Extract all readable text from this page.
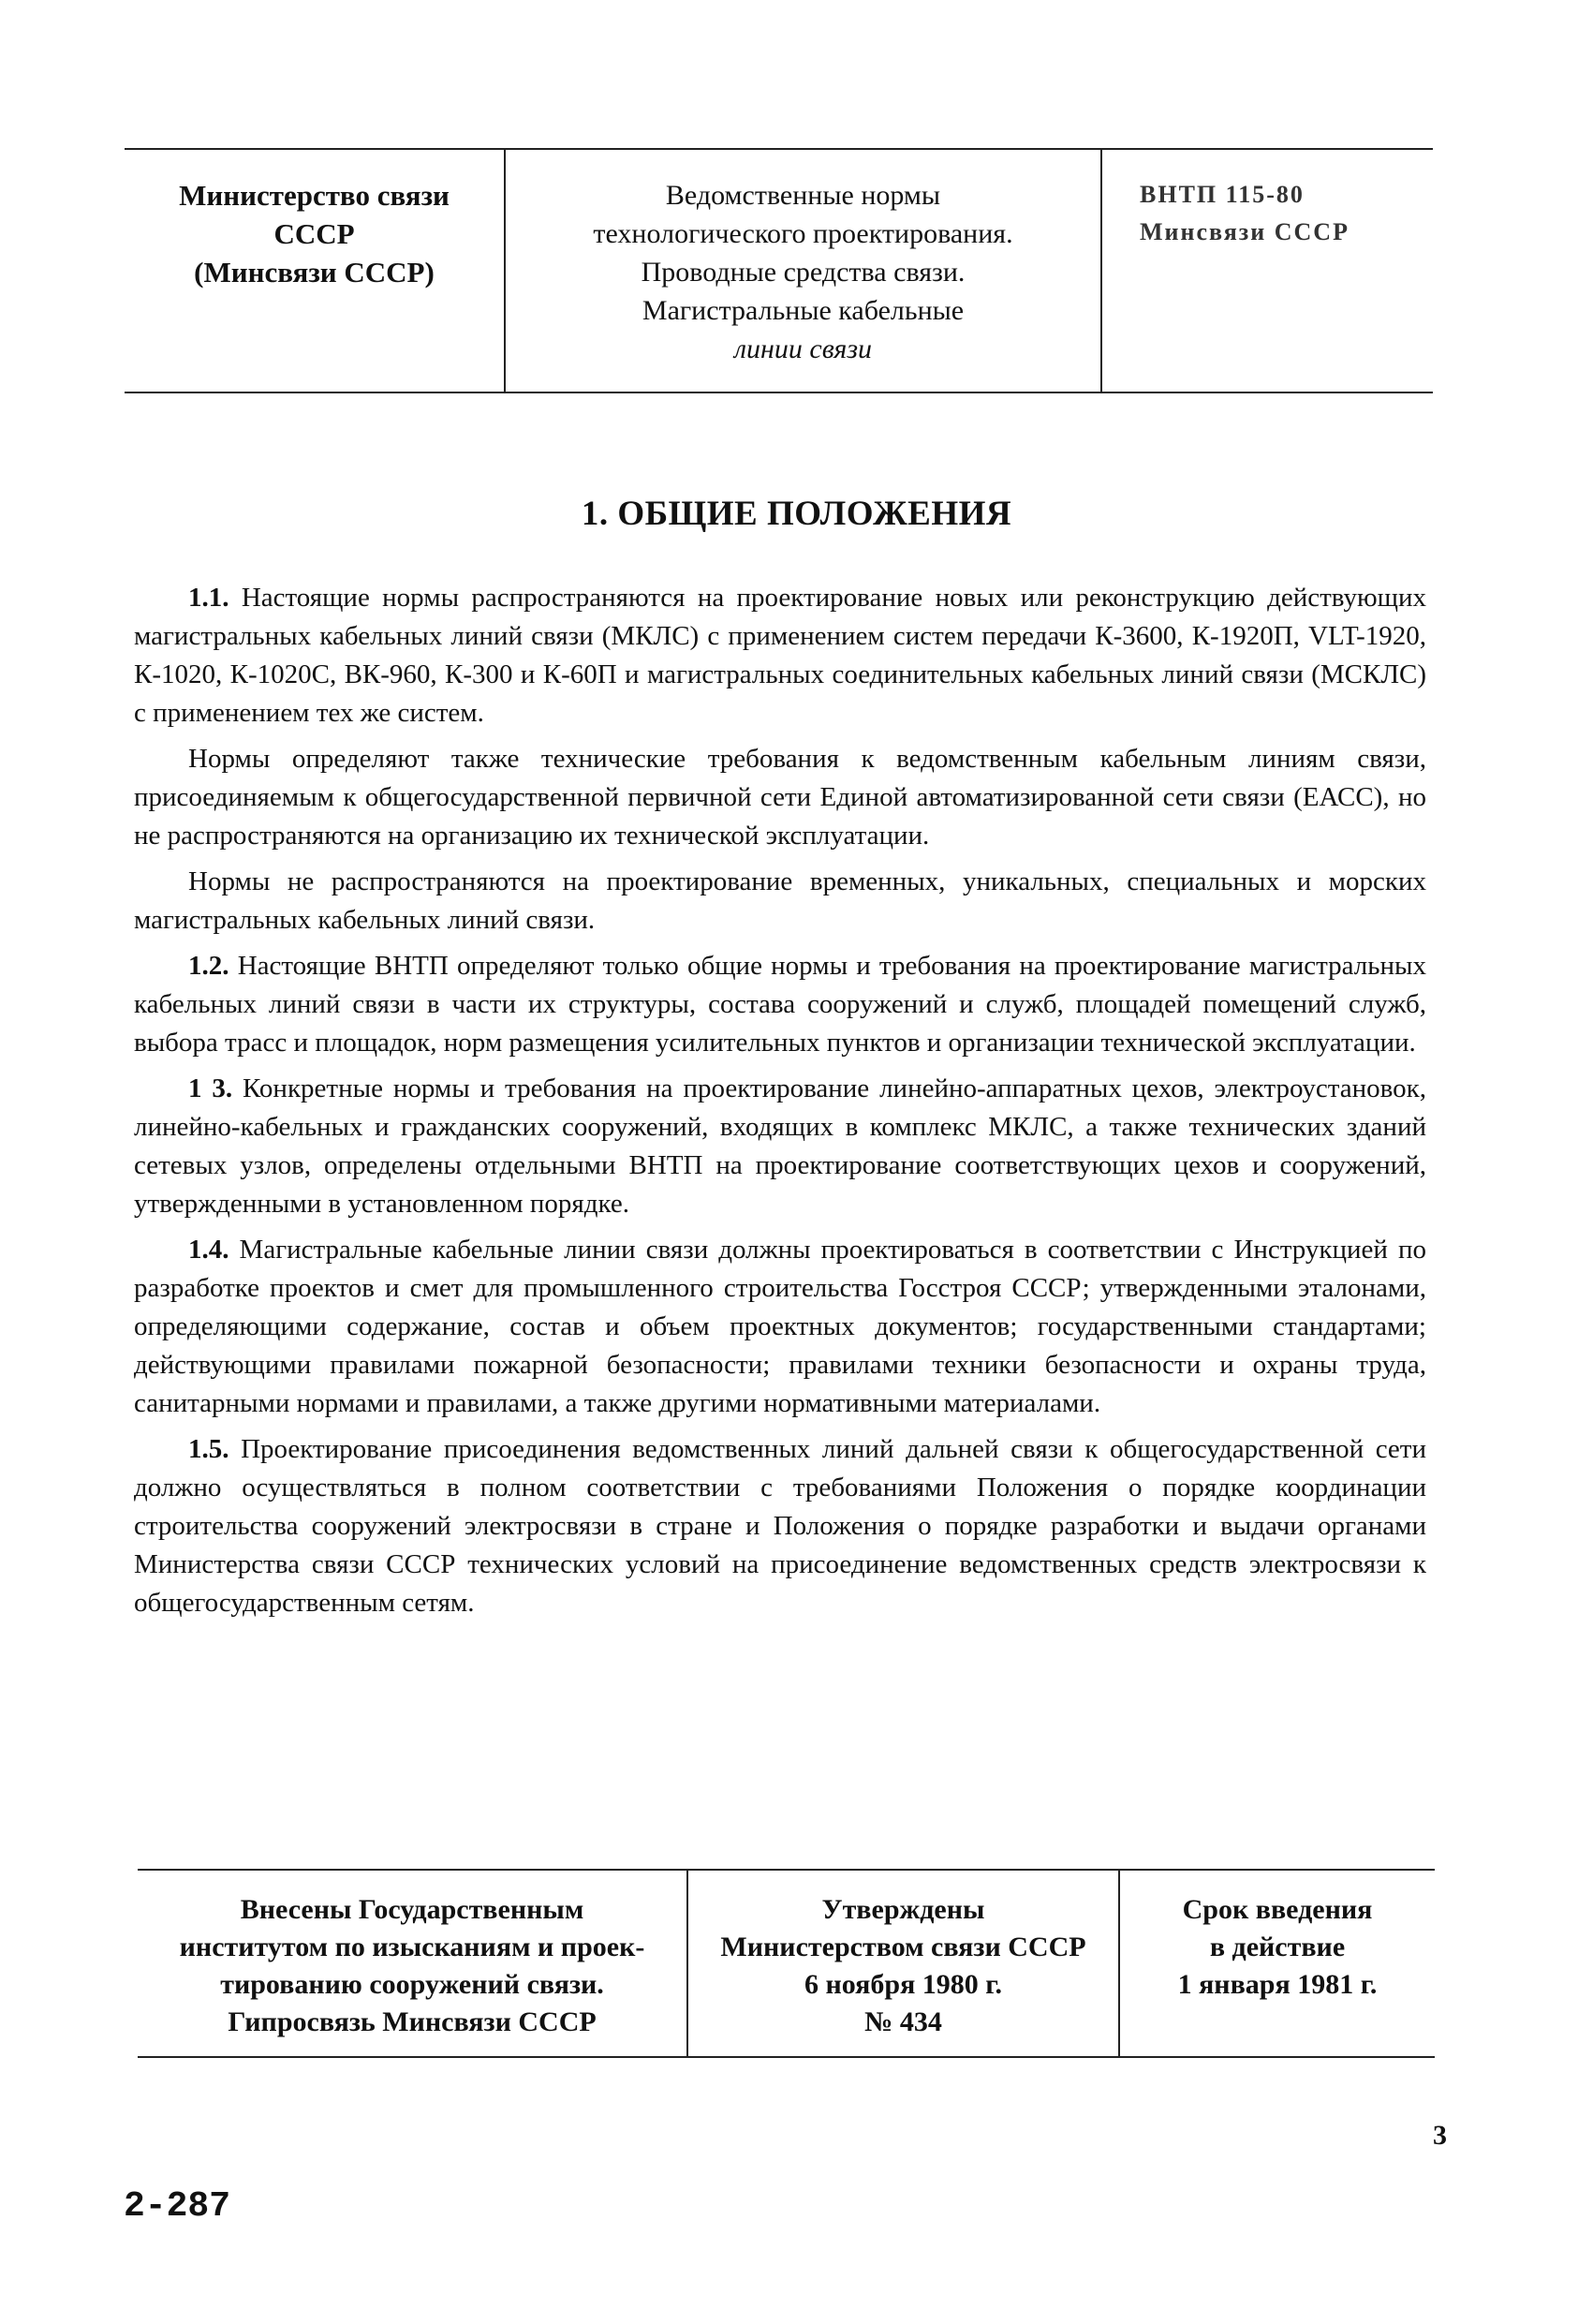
Министерство связи
СССР
(Минсвязи СССР)
Ведомственные нормы
технологического проектирования.
Проводные средства связи.
Магистральные кабельные
линии связи
ВНТП 115-80
Минсвязи СССР
1. ОБЩИЕ ПОЛОЖЕНИЯ

1.1. Настоящие нормы распространяются на проектирование новых или реконструкцию действующих магистральных кабельных линий связи (МКЛС) с применением систем передачи К-3600, К-1920П, VLT-1920, К-1020, К-1020С, ВК-960, К-300 и К-60П и магистральных соединительных кабельных линий связи (МСКЛС) с применением тех же систем.

Нормы определяют также технические требования к ведомственным кабельным линиям связи, присоединяемым к общегосударственной первичной сети Единой автоматизированной сети связи (ЕАСС), но не распространяются на организацию их технической эксплуатации.

Нормы не распространяются на проектирование временных, уникальных, специальных и морских магистральных кабельных линий связи.

1.2. Настоящие ВНТП определяют только общие нормы и требования на проектирование магистральных кабельных линий связи в части их структуры, состава сооружений и служб, площадей помещений служб, выбора трасс и площадок, норм размещения усилительных пунктов и организации технической эксплуатации.

1 3. Конкретные нормы и требования на проектирование линейно-аппаратных цехов, электроустановок, линейно-кабельных и гражданских сооружений, входящих в комплекс МКЛС, а также технических зданий сетевых узлов, определены отдельными ВНТП на проектирование соответствующих цехов и сооружений, утвержденными в установленном порядке.

1.4. Магистральные кабельные линии связи должны проектироваться в соответствии с Инструкцией по разработке проектов и смет для промышленного строительства Госстроя СССР; утвержденными эталонами, определяющими содержание, состав и объем проектных документов; государственными стандартами; действующими правилами пожарной безопасности; правилами техники безопасности и охраны труда, санитарными нормами и правилами, а также другими нормативными материалами.

1.5. Проектирование присоединения ведомственных линий дальней связи к общегосударственной сети должно осуществляться в полном соответствии с требованиями Положения о порядке координации строительства сооружений электросвязи в стране и Положения о порядке разработки и выдачи органами Министерства связи СССР технических условий на присоединение ведомственных средств электросвязи к общегосударственным сетям.

Внесены Государственным
институтом по изысканиям и проек-
тированию сооружений связи.
Гипросвязь Минсвязи СССР
Утверждены
Министерством связи СССР
6 ноября 1980 г.
№ 434
Срок введения
в действие
1 января 1981 г.
3
2-287
